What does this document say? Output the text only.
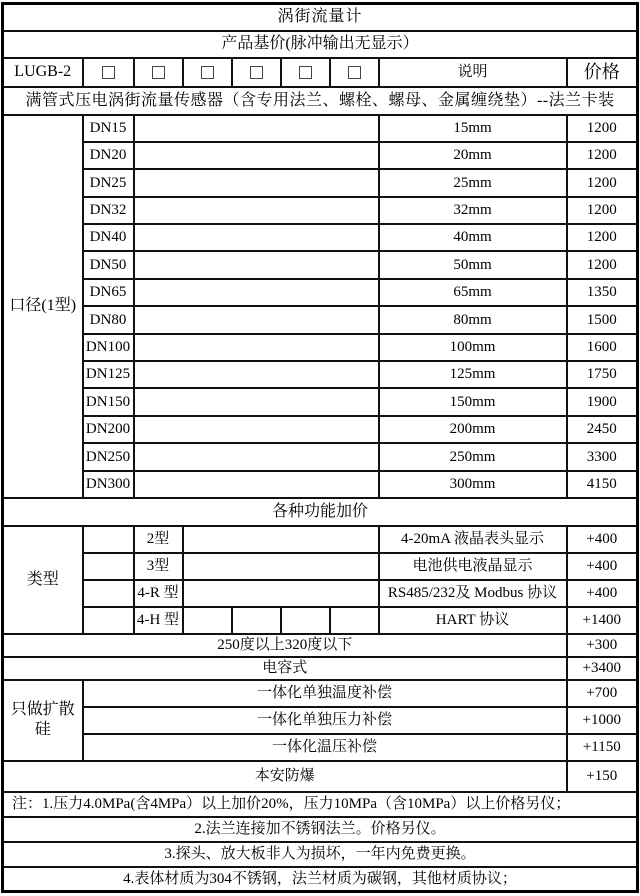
涡街流量计								
产品基价(脉冲输出无显示）								
LUGB-2							说明	价格
满管式压电涡街流量传感器（含专用法兰、螺栓、螺母、金属缠绕垫）--法兰卡装								
口径(1型)	DN15						15mm	1200
	DN20						20mm	1200
	DN25						25mm	1200
	DN32						32mm	1200
	DN40						40mm	1200
	DN50						50mm	1200
	DN65						65mm	1350
	DN80						80mm	1500
	DN100						100mm	1600
	DN125						125mm	1750
	DN150						150mm	1900
	DN200						200mm	2450
	DN250						250mm	3300
	DN300						300mm	4150
各种功能加价								
类型		2型					4-20mA 液晶表头显示	+400
		3型					电池供电液晶显示	+400
		4-R 型					RS485/232及 Modbus 协议	+400
		4-H 型					HART 协议	+1400
250度以上320度以下								+300
电容式								+3400
只做扩散硅	一体化单独温度补偿							+700
	一体化单独压力补偿							+1000
	一体化温压补偿							+1150
本安防爆								+150
注：1.压力4.0MPa(含4MPa）以上加价20%，压力10MPa（含10MPa）以上价格另仪；								
2.法兰连接加不锈钢法兰。价格另仪。								
3.探头、放大板非人为损坏，一年内免费更换。								
4.表体材质为304不锈钢，法兰材质为碳钢，其他材质协议；								
